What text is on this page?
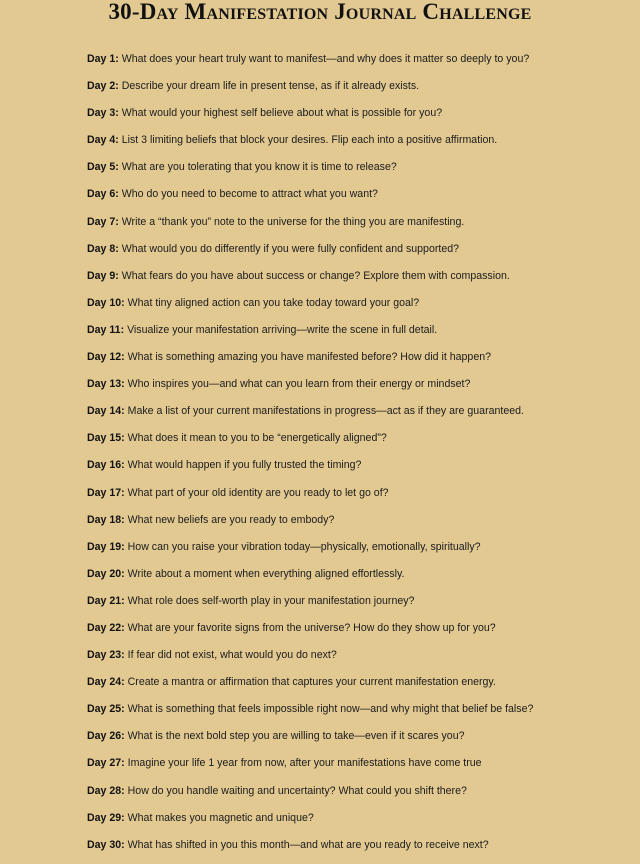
30-Day Manifestation Journal Challenge
Day 1: What does your heart truly want to manifest—and why does it matter so deeply to you?
Day 2: Describe your dream life in present tense, as if it already exists.
Day 3: What would your highest self believe about what is possible for you?
Day 4: List 3 limiting beliefs that block your desires. Flip each into a positive affirmation.
Day 5: What are you tolerating that you know it is time to release?
Day 6: Who do you need to become to attract what you want?
Day 7: Write a “thank you” note to the universe for the thing you are manifesting.
Day 8: What would you do differently if you were fully confident and supported?
Day 9: What fears do you have about success or change? Explore them with compassion.
Day 10: What tiny aligned action can you take today toward your goal?
Day 11: Visualize your manifestation arriving—write the scene in full detail.
Day 12: What is something amazing you have manifested before? How did it happen?
Day 13: Who inspires you—and what can you learn from their energy or mindset?
Day 14: Make a list of your current manifestations in progress—act as if they are guaranteed.
Day 15: What does it mean to you to be “energetically aligned”?
Day 16: What would happen if you fully trusted the timing?
Day 17: What part of your old identity are you ready to let go of?
Day 18: What new beliefs are you ready to embody?
Day 19: How can you raise your vibration today—physically, emotionally, spiritually?
Day 20: Write about a moment when everything aligned effortlessly.
Day 21: What role does self-worth play in your manifestation journey?
Day 22: What are your favorite signs from the universe? How do they show up for you?
Day 23: If fear did not exist, what would you do next?
Day 24: Create a mantra or affirmation that captures your current manifestation energy.
Day 25: What is something that feels impossible right now—and why might that belief be false?
Day 26: What is the next bold step you are willing to take—even if it scares you?
Day 27: Imagine your life 1 year from now, after your manifestations have come true
Day 28: How do you handle waiting and uncertainty? What could you shift there?
Day 29: What makes you magnetic and unique?
Day 30: What has shifted in you this month—and what are you ready to receive next?
